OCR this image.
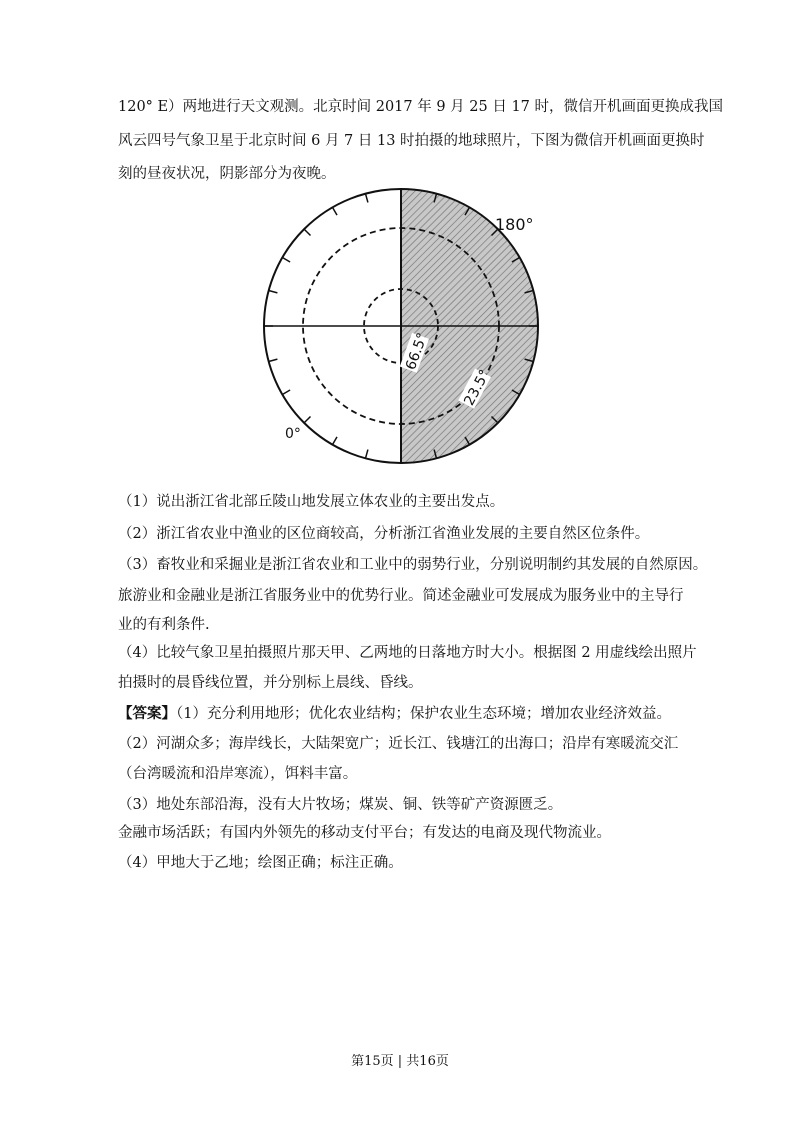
120° E）两地进行天文观测。北京时间 2017 年 9 月 25 日 17 时，微信开机画面更换成我国
风云四号气象卫星于北京时间 6 月 7 日 13 时拍摄的地球照片，下图为微信开机画面更换时
刻的昼夜状况，阴影部分为夜晚。
180°
0°
66.5°
23.5°
（1）说出浙江省北部丘陵山地发展立体农业的主要出发点。
（2）浙江省农业中渔业的区位商较高，分析浙江省渔业发展的主要自然区位条件。
（3）畜牧业和采掘业是浙江省农业和工业中的弱势行业，分别说明制约其发展的自然原因。
旅游业和金融业是浙江省服务业中的优势行业。简述金融业可发展成为服务业中的主导行
业的有利条件.
（4）比较气象卫星拍摄照片那天甲、乙两地的日落地方时大小。根据图 2 用虚线绘出照片
拍摄时的晨昏线位置，并分别标上晨线、昏线。
【答案】（1）充分利用地形；优化农业结构；保护农业生态环境；增加农业经济效益。
（2）河湖众多；海岸线长，大陆架宽广；近长江、钱塘江的出海口；沿岸有寒暖流交汇
（台湾暖流和沿岸寒流），饵料丰富。
（3）地处东部沿海，没有大片牧场；煤炭、铜、铁等矿产资源匮乏。
金融市场活跃；有国内外领先的移动支付平台；有发达的电商及现代物流业。
（4）甲地大于乙地；绘图正确；标注正确。
第15页 | 共16页
